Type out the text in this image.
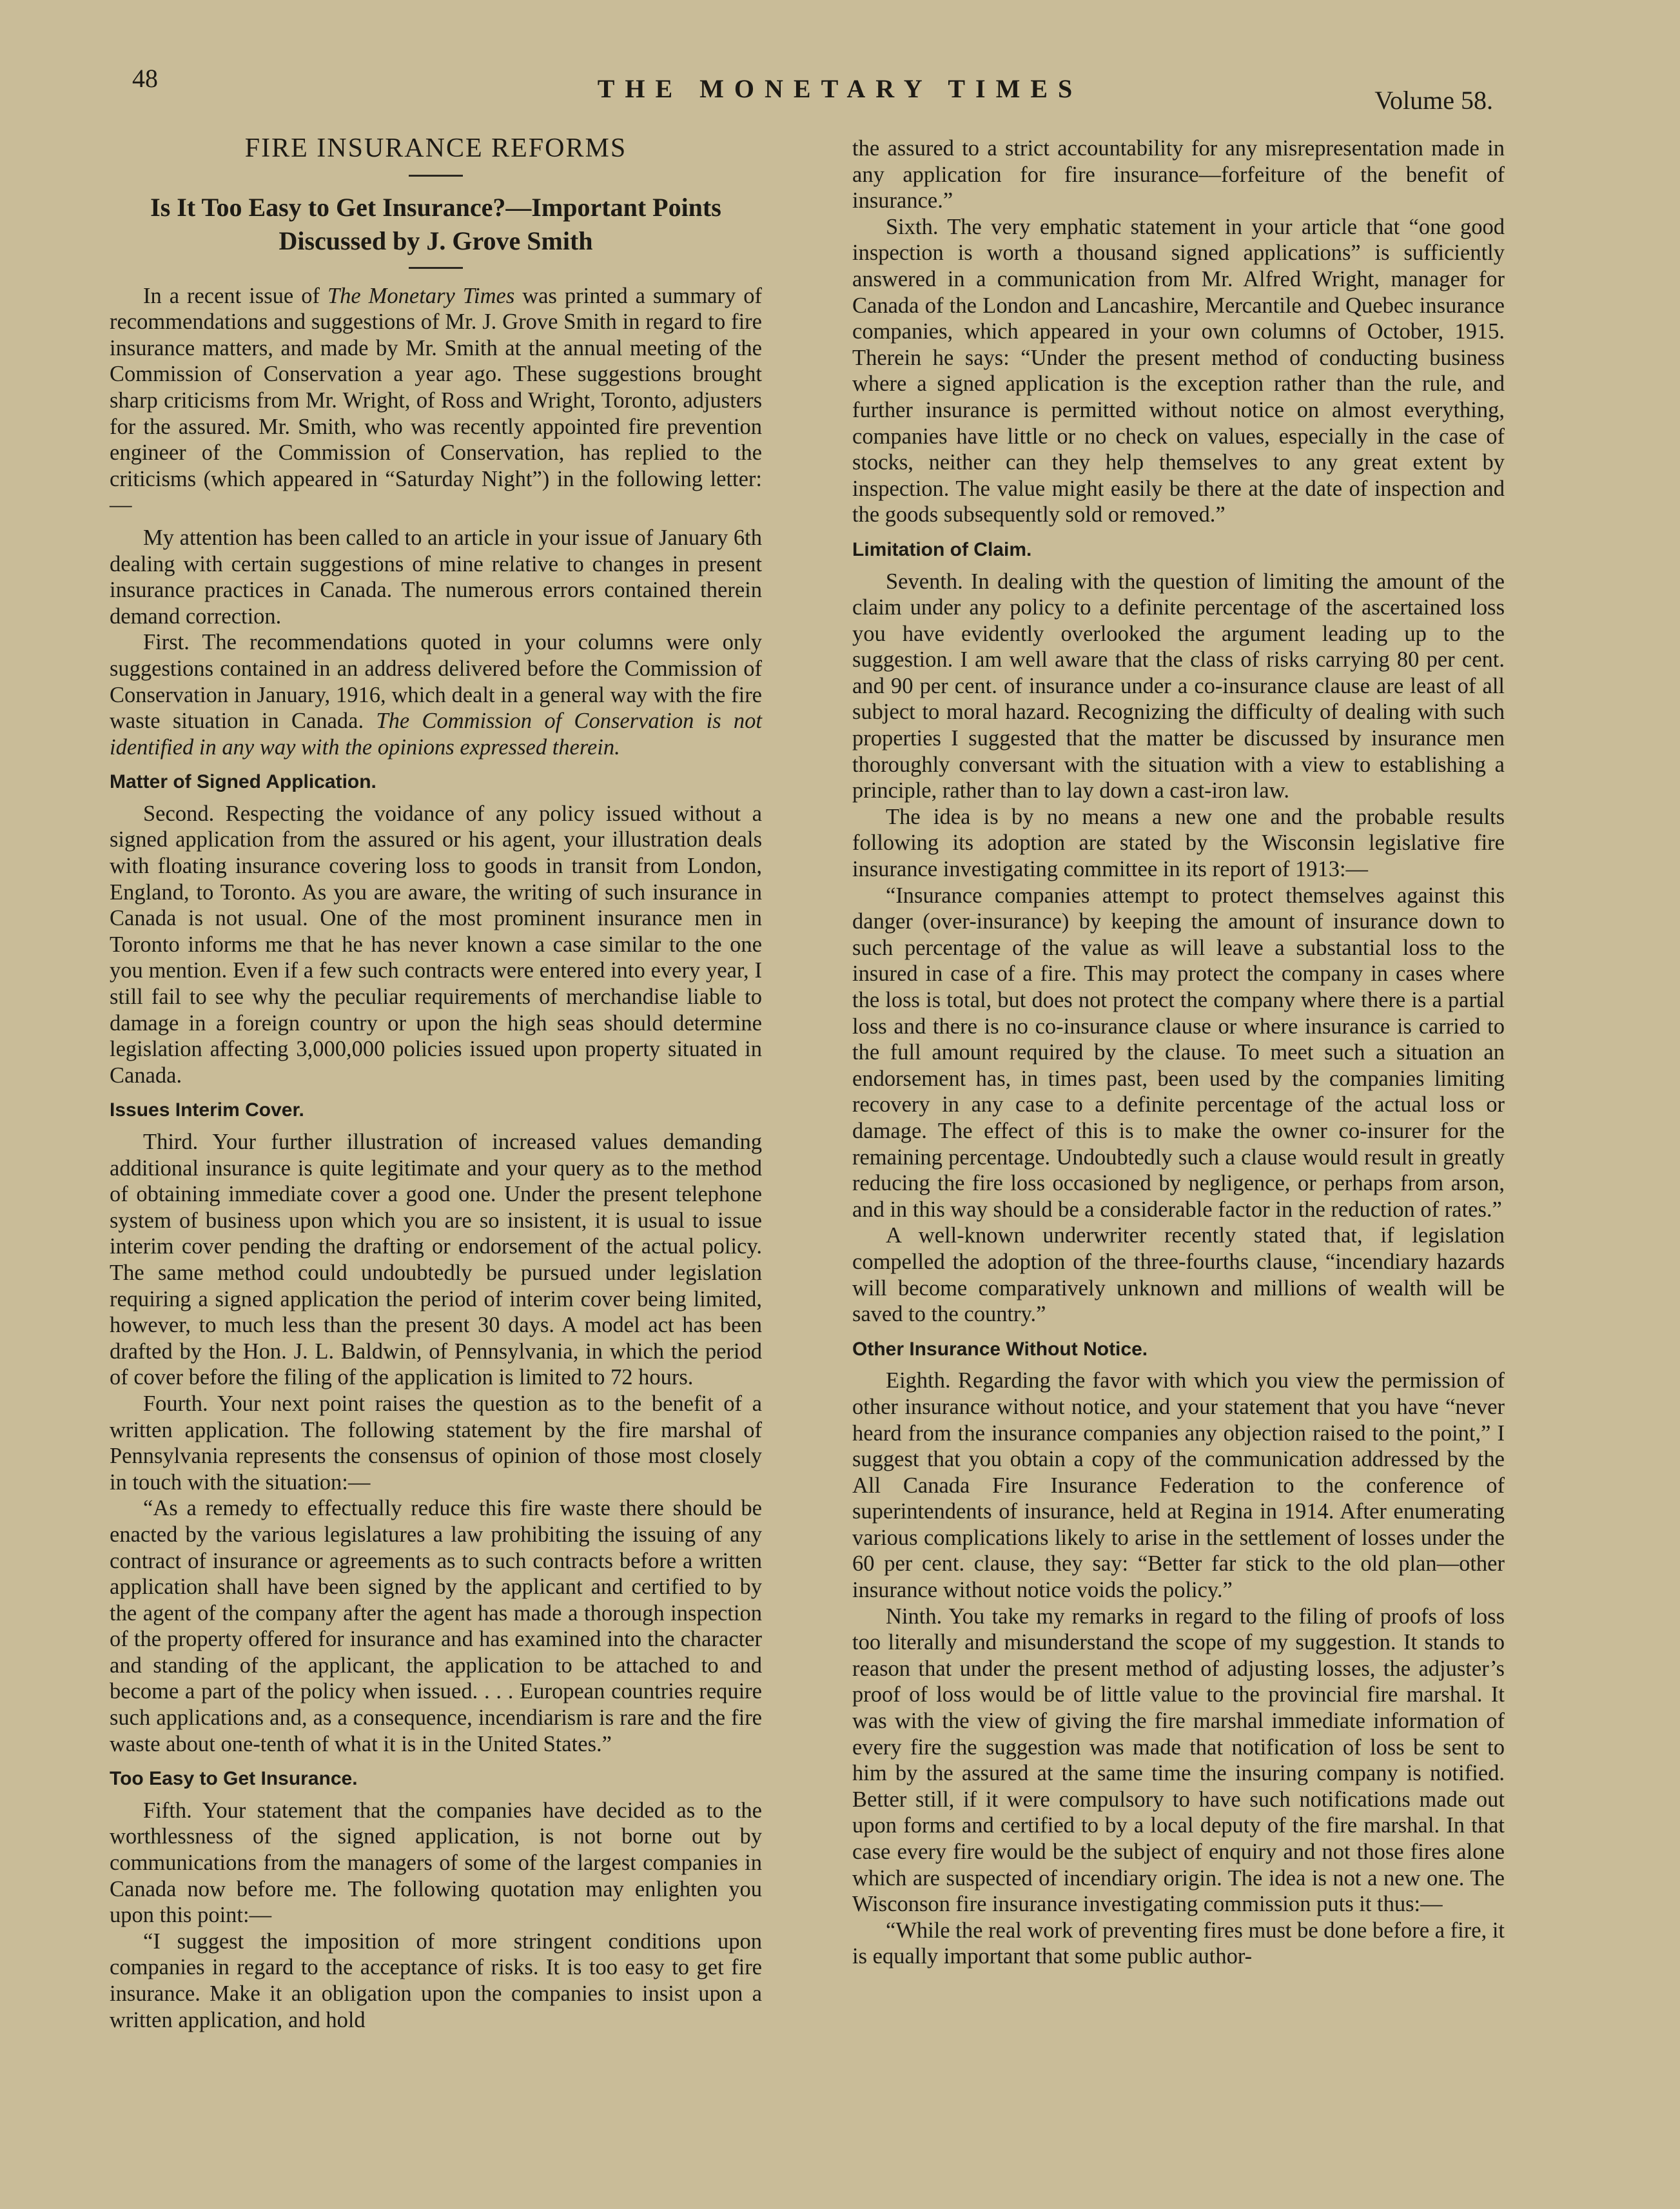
48	THE MONETARY TIMES	Volume 58.
FIRE INSURANCE REFORMS
Is It Too Easy to Get Insurance?—Important Points Discussed by J. Grove Smith

In a recent issue of The Monetary Times was printed a summary of recommendations and suggestions of Mr. J. Grove Smith in regard to fire insurance matters, and made by Mr. Smith at the annual meeting of the Commission of Conservation a year ago. These suggestions brought sharp criticisms from Mr. Wright, of Ross and Wright, Toronto, adjusters for the assured. Mr. Smith, who was recently appointed fire prevention engineer of the Commission of Conservation, has replied to the criticisms (which appeared in “Saturday Night”) in the following letter:—

My attention has been called to an article in your issue of January 6th dealing with certain suggestions of mine relative to changes in present insurance practices in Canada. The numerous errors contained therein demand correction.

First. The recommendations quoted in your columns were only suggestions contained in an address delivered before the Commission of Conservation in January, 1916, which dealt in a general way with the fire waste situation in Canada. The Commission of Conservation is not identified in any way with the opinions expressed therein.

Matter of Signed Application.

Second. Respecting the voidance of any policy issued without a signed application from the assured or his agent, your illustration deals with floating insurance covering loss to goods in transit from London, England, to Toronto. As you are aware, the writing of such insurance in Canada is not usual. One of the most prominent insurance men in Toronto informs me that he has never known a case similar to the one you mention. Even if a few such contracts were entered into every year, I still fail to see why the peculiar requirements of merchandise liable to damage in a foreign country or upon the high seas should determine legislation affecting 3,000,000 policies issued upon property situated in Canada.

Issues Interim Cover.

Third. Your further illustration of increased values demanding additional insurance is quite legitimate and your query as to the method of obtaining immediate cover a good one. Under the present telephone system of business upon which you are so insistent, it is usual to issue interim cover pending the drafting or endorsement of the actual policy. The same method could undoubtedly be pursued under legislation requiring a signed application the period of interim cover being limited, however, to much less than the present 30 days. A model act has been drafted by the Hon. J. L. Baldwin, of Pennsylvania, in which the period of cover before the filing of the application is limited to 72 hours.

Fourth. Your next point raises the question as to the benefit of a written application. The following statement by the fire marshal of Pennsylvania represents the consensus of opinion of those most closely in touch with the situation:—

“As a remedy to effectually reduce this fire waste there should be enacted by the various legislatures a law prohibiting the issuing of any contract of insurance or agreements as to such contracts before a written application shall have been signed by the applicant and certified to by the agent of the company after the agent has made a thorough inspection of the property offered for insurance and has examined into the character and standing of the applicant, the application to be attached to and become a part of the policy when issued. . . . European countries require such applications and, as a consequence, incendiarism is rare and the fire waste about one-tenth of what it is in the United States.”

Too Easy to Get Insurance.

Fifth. Your statement that the companies have decided as to the worthlessness of the signed application, is not borne out by communications from the managers of some of the largest companies in Canada now before me. The following quotation may enlighten you upon this point:—

“I suggest the imposition of more stringent conditions upon companies in regard to the acceptance of risks. It is too easy to get fire insurance. Make it an obligation upon the companies to insist upon a written application, and hold

the assured to a strict accountability for any misrepresentation made in any application for fire insurance—forfeiture of the benefit of insurance.”

Sixth. The very emphatic statement in your article that “one good inspection is worth a thousand signed applications” is sufficiently answered in a communication from Mr. Alfred Wright, manager for Canada of the London and Lancashire, Mercantile and Quebec insurance companies, which appeared in your own columns of October, 1915. Therein he says: “Under the present method of conducting business where a signed application is the exception rather than the rule, and further insurance is permitted without notice on almost everything, companies have little or no check on values, especially in the case of stocks, neither can they help themselves to any great extent by inspection. The value might easily be there at the date of inspection and the goods subsequently sold or removed.”

Limitation of Claim.

Seventh. In dealing with the question of limiting the amount of the claim under any policy to a definite percentage of the ascertained loss you have evidently overlooked the argument leading up to the suggestion. I am well aware that the class of risks carrying 80 per cent. and 90 per cent. of insurance under a co-insurance clause are least of all subject to moral hazard. Recognizing the difficulty of dealing with such properties I suggested that the matter be discussed by insurance men thoroughly conversant with the situation with a view to establishing a principle, rather than to lay down a cast-iron law.

The idea is by no means a new one and the probable results following its adoption are stated by the Wisconsin legislative fire insurance investigating committee in its report of 1913:—

“Insurance companies attempt to protect themselves against this danger (over-insurance) by keeping the amount of insurance down to such percentage of the value as will leave a substantial loss to the insured in case of a fire. This may protect the company in cases where the loss is total, but does not protect the company where there is a partial loss and there is no co-insurance clause or where insurance is carried to the full amount required by the clause. To meet such a situation an endorsement has, in times past, been used by the companies limiting recovery in any case to a definite percentage of the actual loss or damage. The effect of this is to make the owner co-insurer for the remaining percentage. Undoubtedly such a clause would result in greatly reducing the fire loss occasioned by negligence, or perhaps from arson, and in this way should be a considerable factor in the reduction of rates.”

A well-known underwriter recently stated that, if legislation compelled the adoption of the three-fourths clause, “incendiary hazards will become comparatively unknown and millions of wealth will be saved to the country.”

Other Insurance Without Notice.

Eighth. Regarding the favor with which you view the permission of other insurance without notice, and your statement that you have “never heard from the insurance companies any objection raised to the point,” I suggest that you obtain a copy of the communication addressed by the All Canada Fire Insurance Federation to the conference of superintendents of insurance, held at Regina in 1914. After enumerating various complications likely to arise in the settlement of losses under the 60 per cent. clause, they say: “Better far stick to the old plan—other insurance without notice voids the policy.”

Ninth. You take my remarks in regard to the filing of proofs of loss too literally and misunderstand the scope of my suggestion. It stands to reason that under the present method of adjusting losses, the adjuster’s proof of loss would be of little value to the provincial fire marshal. It was with the view of giving the fire marshal immediate information of every fire the suggestion was made that notification of loss be sent to him by the assured at the same time the insuring company is notified. Better still, if it were compulsory to have such notifications made out upon forms and certified to by a local deputy of the fire marshal. In that case every fire would be the subject of enquiry and not those fires alone which are suspected of incendiary origin. The idea is not a new one. The Wisconson fire insurance investigating commission puts it thus:—

“While the real work of preventing fires must be done before a fire, it is equally important that some public author-
